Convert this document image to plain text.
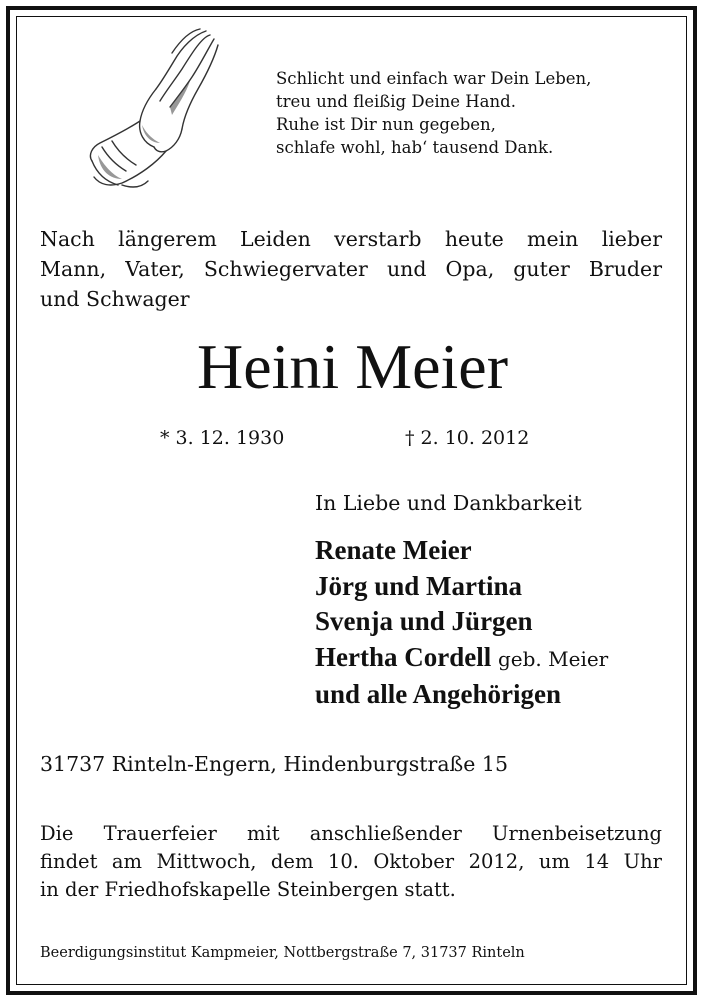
Schlicht und einfach war Dein Leben,
treu und fleißig Deine Hand.
Ruhe ist Dir nun gegeben,
schlafe wohl, hab‘ tausend Dank.
Nach längerem Leiden verstarb heute mein lieber
Mann, Vater, Schwiegervater und Opa, guter Bruder
und Schwager
Heini Meier
* 3. 12. 1930	† 2. 10. 2012
In Liebe und Dankbarkeit
Renate Meier
Jörg und Martina
Svenja und Jürgen
Hertha Cordell geb. Meier
und alle Angehörigen
31737 Rinteln-Engern, Hindenburgstraße 15
Die Trauerfeier mit anschließender Urnenbeisetzung
findet am Mittwoch, dem 10. Oktober 2012, um 14 Uhr
in der Friedhofskapelle Steinbergen statt.
Beerdigungsinstitut Kampmeier, Nottbergstraße 7, 31737 Rinteln
